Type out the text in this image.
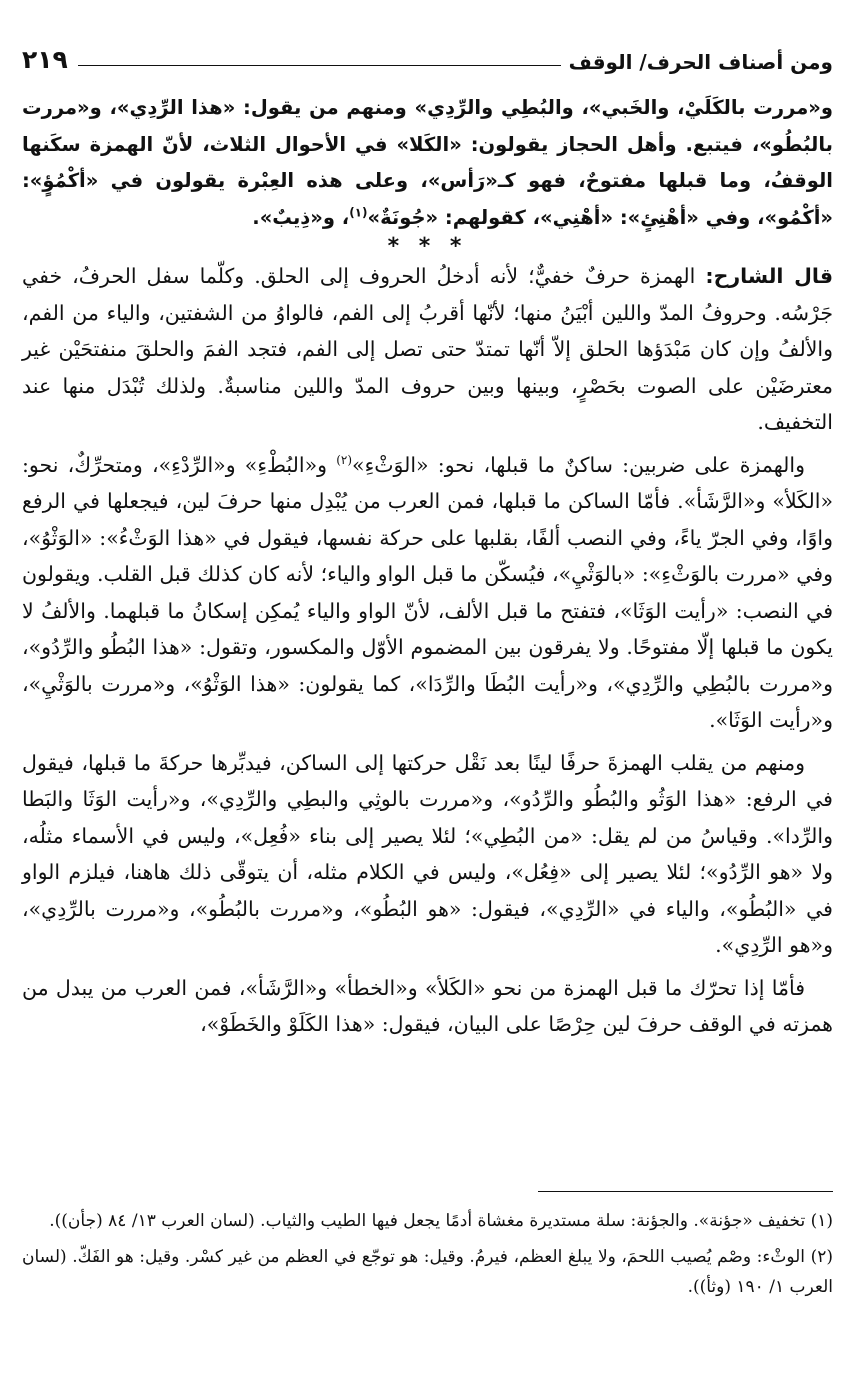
ومن أصناف الحرف/ الوقف
٢١٩

و«مررت بالكَلَيْ، والخَبي»، والبُطِي والرِّدِي» ومنهم من يقول: «هذا الرِّدِي»، و«مررت بالبُطُو»، فيتبع. وأهل الحجاز يقولون: «الكَلا» في الأحوال الثلاث، لأنّ الهمزة سكَنها الوقفُ، وما قبلها مفتوحٌ، فهو كـ«رَأس»، وعلى هذه العِبْرة يقولون في «أكْمُؤٍ»: «أكْمُو»، وفي «أهْنِئٍ»: «أهْنِي»، كقولهم: «جُونَةٌ»$^{(١)}$، و«ذِيبٌ».

* * *

قال الشارح: الهمزة حرفٌ خفيٌّ؛ لأنه أدخلُ الحروف إلى الحلق. وكلّما سفل الحرفُ، خفي جَرْسُه. وحروفُ المدّ واللين أبْيَنُ منها؛ لأنّها أقربُ إلى الفم، فالواوُ من الشفتين، والياء من الفم، والألفُ وإن كان مَبْدَؤها الحلق إلاّ أنّها تمتدّ حتى تصل إلى الفم، فتجد الفمَ والحلقَ منفتحَيْن غير معترضَيْن على الصوت بحَصْرٍ، وبينها وبين حروف المدّ واللين مناسبةٌ. ولذلك تُبْدَل منها عند التخفيف.

والهمزة على ضربين: ساكنٌ ما قبلها، نحو: «الوَثْءِ»$^{(٢)}$ و«البُطْءِ» و«الرِّدْءِ»، ومتحرِّكٌ، نحو: «الكَلأ» و«الرَّشَأ». فأمّا الساكن ما قبلها، فمن العرب من يُبْدِل منها حرفَ لين، فيجعلها في الرفع واوًا، وفي الجرّ ياءً، وفي النصب ألفًا، بقلبها على حركة نفسها، فيقول في «هذا الوَثْءُ»: «الوَثْوُ»، وفي «مررت بالوَثْءِ»: «بالوَثْيِ»، فيُسكّن ما قبل الواو والياء؛ لأنه كان كذلك قبل القلب. ويقولون في النصب: «رأيت الوَثَا»، فتفتح ما قبل الألف، لأنّ الواو والياء يُمكِن إسكانُ ما قبلهما. والألفُ لا يكون ما قبلها إلّا مفتوحًا. ولا يفرقون بين المضموم الأوّل والمكسور، وتقول: «هذا البُطُو والرِّدُو»، و«مررت بالبُطِي والرِّدِي»، و«رأيت البُطَا والرِّدَا»، كما يقولون: «هذا الوَثْوُ»، و«مررت بالوَثْيِ»، و«رأيت الوَثَا».

ومنهم من يقلب الهمزةَ حرفًا لينًا بعد نَقْل حركتها إلى الساكن، فيدبِّرها حركةَ ما قبلها، فيقول في الرفع: «هذا الوَثُو والبُطُو والرِّدُو»، و«مررت بالوثِي والبطِي والرِّدِي»، و«رأيت الوَثَا والبَطا والرِّدا». وقياسُ من لم يقل: «من البُطِي»؛ لئلا يصير إلى بناء «فُعِل»، وليس في الأسماء مثلُه، ولا «هو الرِّدُو»؛ لئلا يصير إلى «فِعُل»، وليس في الكلام مثله، أن يتوقّى ذلك هاهنا، فيلزم الواو في «البُطُو»، والياء في «الرِّدِي»، فيقول: «هو البُطُو»، و«مررت بالبُطُو»، و«مررت بالرِّدِي»، و«هو الرِّدِي».

فأمّا إذا تحرّك ما قبل الهمزة من نحو «الكَلأ» و«الخطأ» و«الرَّشَأ»، فمن العرب من يبدل من همزته في الوقف حرفَ لين حِرْصًا على البيان، فيقول: «هذا الكَلَوْ والخَطَوْ»،

(١) تخفيف «جؤنة». والجؤنة: سلة مستديرة مغشاة أدمًا يجعل فيها الطيب والثياب. (لسان العرب ١٣/ ٨٤ (جأن)).

(٢) الوثْء: وصْم يُصيب اللحمَ، ولا يبلغ العظم، فيرمُ. وقيل: هو توجّع في العظم من غير كسْر. وقيل: هو الفَكّ. (لسان العرب ١/ ١٩٠ (وثأ)).
